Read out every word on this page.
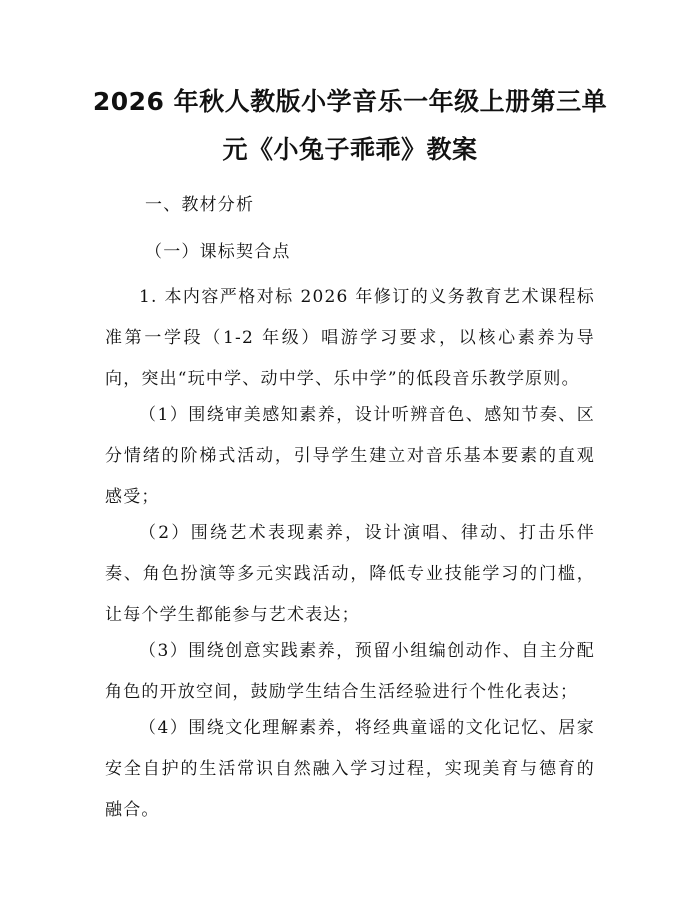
2026 年秋人教版小学音乐一年级上册第三单
元《小兔子乖乖》教案
一、教材分析
（一）课标契合点

1. 本内容严格对标 2026 年修订的义务教育艺术课程标准第一学段（1-2 年级）唱游学习要求，以核心素养为导向，突出“玩中学、动中学、乐中学”的低段音乐教学原则。

（1）围绕审美感知素养，设计听辨音色、感知节奏、区分情绪的阶梯式活动，引导学生建立对音乐基本要素的直观感受；

（2）围绕艺术表现素养，设计演唱、律动、打击乐伴奏、角色扮演等多元实践活动，降低专业技能学习的门槛，让每个学生都能参与艺术表达；

（3）围绕创意实践素养，预留小组编创动作、自主分配角色的开放空间，鼓励学生结合生活经验进行个性化表达；

（4）围绕文化理解素养，将经典童谣的文化记忆、居家安全自护的生活常识自然融入学习过程，实现美育与德育的融合。
